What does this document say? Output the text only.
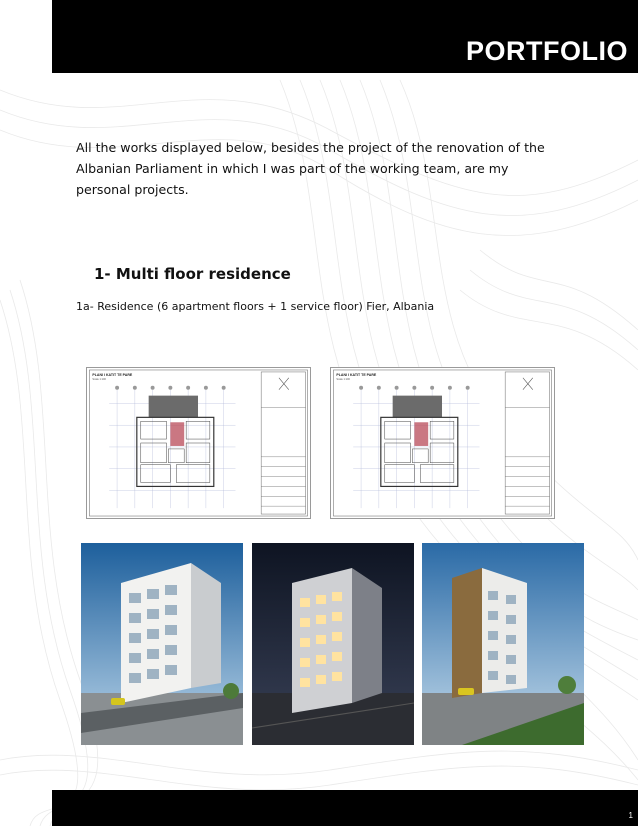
PORTFOLIO

All the works displayed below, besides the project of the renovation of the Albanian Parliament in which I was part of the working team, are my personal projects.

1- Multi floor residence

1a- Residence (6 apartment floors + 1 service floor) Fier, Albania

PLANI I KATIT TE PARE
Scale 1:100
PLANI I KATIT TE PARE
Scale 1:100
1
